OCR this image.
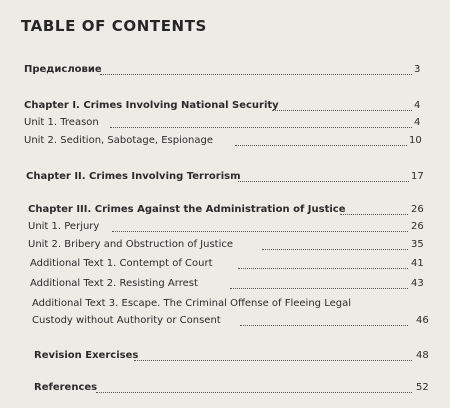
TABLE OF CONTENTS
Предисловие	3
Chapter I. Crimes Involving National Security	4
Unit 1. Treason	4
Unit 2. Sedition, Sabotage, Espionage	10
Chapter II. Crimes Involving Terrorism	17
Chapter III. Crimes Against the Administration of Justice	26
Unit 1. Perjury	26
Unit 2. Bribery and Obstruction of Justice	35
Additional Text 1. Contempt of Court	41
Additional Text 2. Resisting Arrest	43
Additional Text 3. Escape. The Criminal Offense of Fleeing Legal
Custody without Authority or Consent	46
Revision Exercises	48
References	52
